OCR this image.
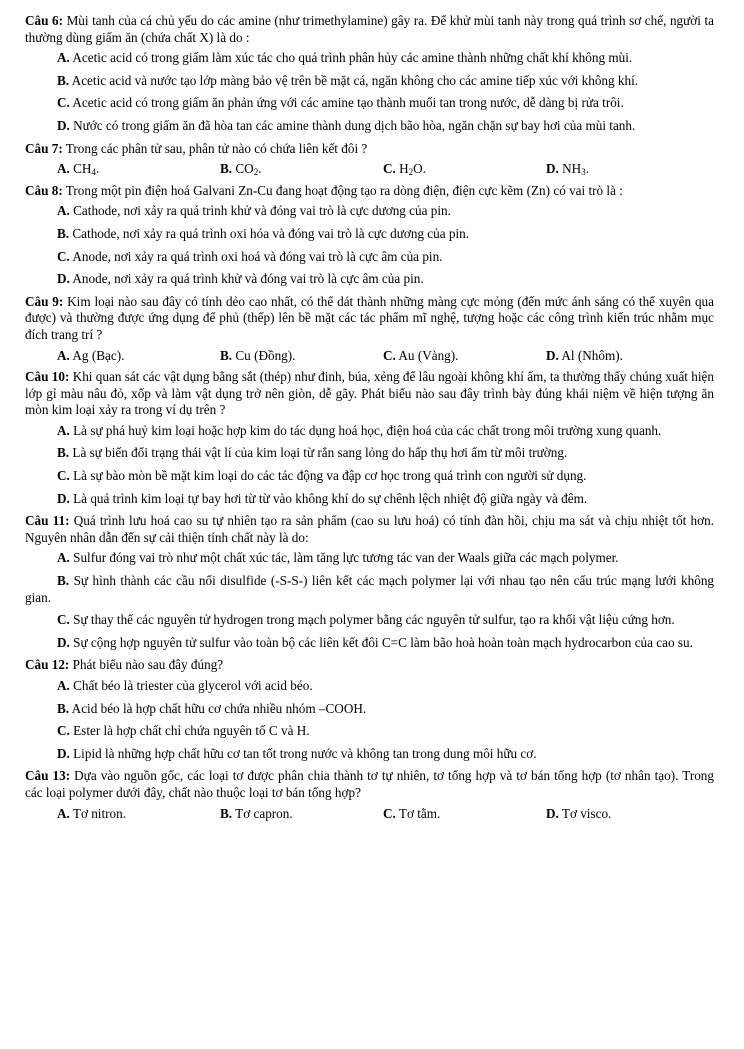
Câu 6: Mùi tanh của cá chủ yếu do các amine (như trimethylamine) gây ra. Để khử mùi tanh này trong quá trình sơ chế, người ta thường dùng giấm ăn (chứa chất X) là do :

A. Acetic acid có trong giấm làm xúc tác cho quá trình phân hủy các amine thành những chất khí không mùi.

B. Acetic acid và nước tạo lớp màng bảo vệ trên bề mặt cá, ngăn không cho các amine tiếp xúc với không khí.

C. Acetic acid có trong giấm ăn phản ứng với các amine tạo thành muối tan trong nước, dễ dàng bị rửa trôi.

D. Nước có trong giấm ăn đã hòa tan các amine thành dung dịch bão hòa, ngăn chặn sự bay hơi của mùi tanh.

Câu 7: Trong các phân tử sau, phân tử nào có chứa liên kết đôi ?

A. $CH_4$.	B. $CO_2$.	C. $H_2O$.	D. $NH_3$.

Câu 8: Trong một pin điện hoá Galvani Zn-Cu đang hoạt động tạo ra dòng điện, điện cực kẽm (Zn) có vai trò là :

A. Cathode, nơi xảy ra quá trình khử và đóng vai trò là cực dương của pin.

B. Cathode, nơi xảy ra quá trình oxi hóa và đóng vai trò là cực dương của pin.

C. Anode, nơi xảy ra quá trình oxi hoá và đóng vai trò là cực âm của pin.

D. Anode, nơi xảy ra quá trình khử và đóng vai trò là cực âm của pin.

Câu 9: Kim loại nào sau đây có tính dẻo cao nhất, có thể dát thành những màng cực mỏng (đến mức ánh sáng có thể xuyên qua được) và thường được ứng dụng để phủ (thếp) lên bề mặt các tác phẩm mĩ nghệ, tượng hoặc các công trình kiến trúc nhằm mục đích trang trí ?

A. Ag (Bạc).	B. Cu (Đồng).	C. Au (Vàng).	D. Al (Nhôm).

Câu 10: Khi quan sát các vật dụng bằng sắt (thép) như đinh, búa, xẻng để lâu ngoài không khí ẩm, ta thường thấy chúng xuất hiện lớp gỉ màu nâu đỏ, xốp và làm vật dụng trở nên giòn, dễ gãy. Phát biểu nào sau đây trình bày đúng khái niệm về hiện tượng ăn mòn kim loại xảy ra trong ví dụ trên ?

A. Là sự phá huỷ kim loại hoặc hợp kim do tác dụng hoá học, điện hoá của các chất trong môi trường xung quanh.

B. Là sự biến đổi trạng thái vật lí của kim loại từ rắn sang lỏng do hấp thụ hơi ẩm từ môi trường.

C. Là sự bào mòn bề mặt kim loại do các tác động va đập cơ học trong quá trình con người sử dụng.

D. Là quá trình kim loại tự bay hơi từ từ vào không khí do sự chênh lệch nhiệt độ giữa ngày và đêm.

Câu 11: Quá trình lưu hoá cao su tự nhiên tạo ra sản phẩm (cao su lưu hoá) có tính đàn hồi, chịu ma sát và chịu nhiệt tốt hơn. Nguyên nhân dẫn đến sự cải thiện tính chất này là do:

A. Sulfur đóng vai trò như một chất xúc tác, làm tăng lực tương tác van der Waals giữa các mạch polymer.

B. Sự hình thành các cầu nối disulfide (-S-S-) liên kết các mạch polymer lại với nhau tạo nên cấu trúc mạng lưới không gian.

C. Sự thay thế các nguyên tử hydrogen trong mạch polymer bằng các nguyên tử sulfur, tạo ra khối vật liệu cứng hơn.

D. Sự cộng hợp nguyên tử sulfur vào toàn bộ các liên kết đôi C=C làm bão hoà hoàn toàn mạch hydrocarbon của cao su.

Câu 12: Phát biểu nào sau đây đúng?

A. Chất béo là triester của glycerol với acid béo.

B. Acid béo là hợp chất hữu cơ chứa nhiều nhóm –COOH.

C. Ester là hợp chất chỉ chứa nguyên tố C và H.

D. Lipid là những hợp chất hữu cơ tan tốt trong nước và không tan trong dung môi hữu cơ.

Câu 13: Dựa vào nguồn gốc, các loại tơ được phân chia thành tơ tự nhiên, tơ tổng hợp và tơ bán tổng hợp (tơ nhân tạo). Trong các loại polymer dưới đây, chất nào thuộc loại tơ bán tổng hợp?

A. Tơ nitron.	B. Tơ capron.	C. Tơ tằm.	D. Tơ visco.
